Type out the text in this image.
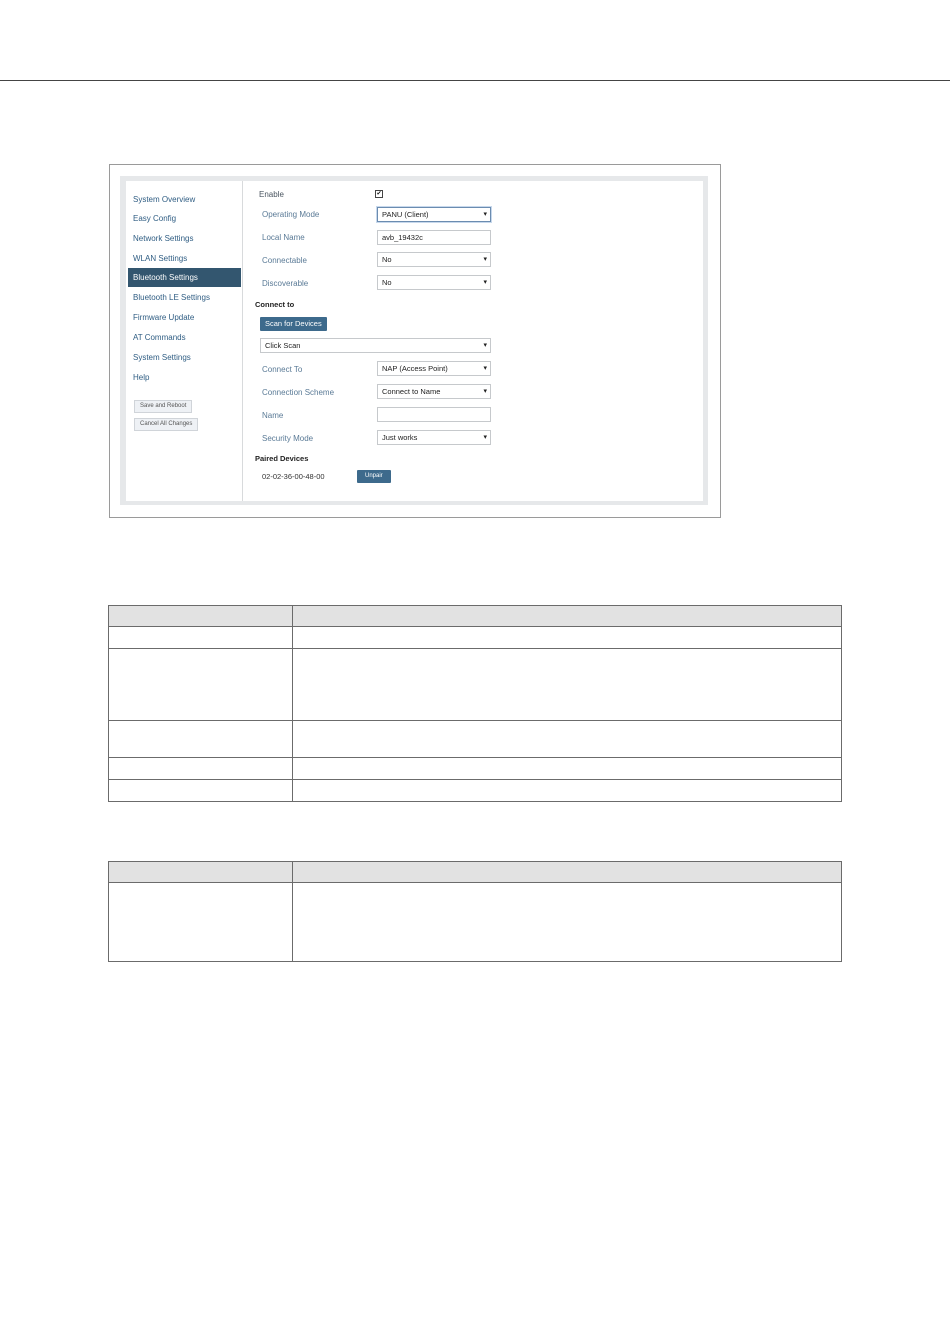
System Overview
Easy Config
Network Settings
WLAN Settings
Bluetooth Settings
Bluetooth LE Settings
Firmware Update
AT Commands
System Settings
Help
Save and Reboot
Cancel All Changes
Enable	✔
Operating Mode	PANU (Client) ▾
Local Name	avb_19432c
Connectable	No ▾
Discoverable	No ▾
Connect to
Scan for Devices
Click Scan ▾
Connect To	NAP (Access Point) ▾
Connection Scheme	Connect to Name ▾
Name
Security Mode	Just works ▾
Paired Devices
02-02-36-00-48-00	Unpair
